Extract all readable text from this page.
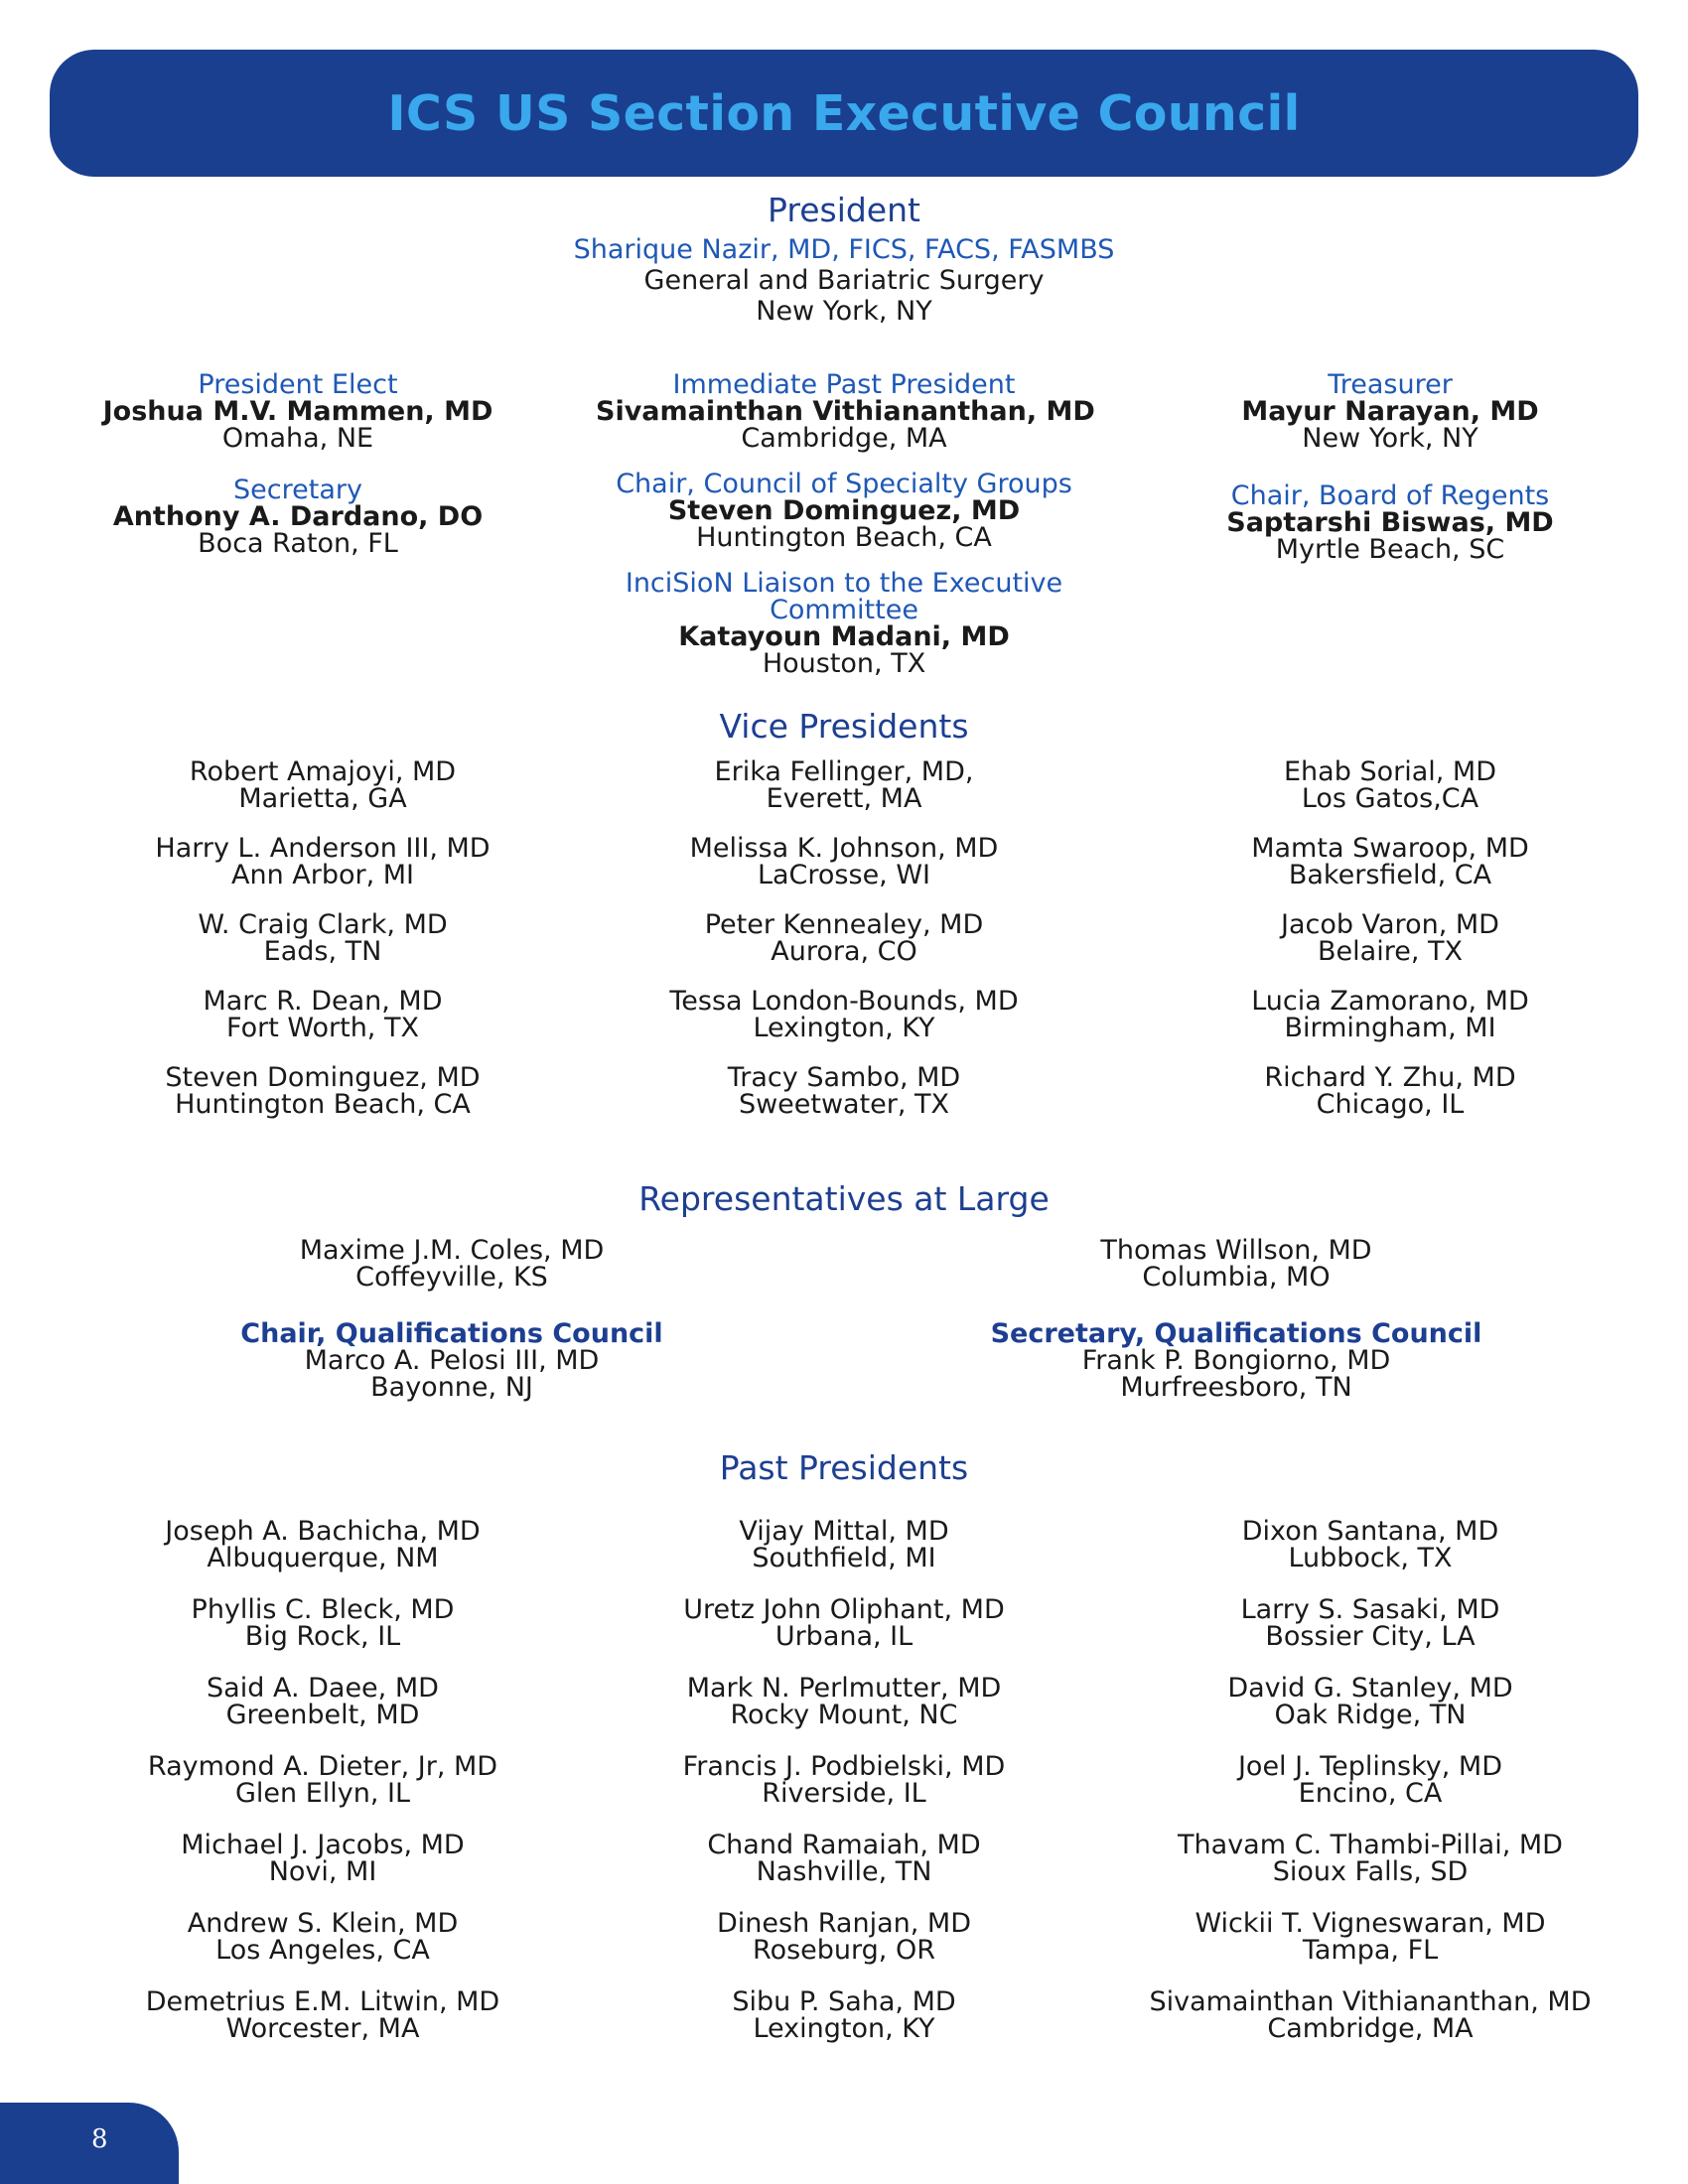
ICS US Section Executive Council
President
Sharique Nazir, MD, FICS, FACS, FASMBS
General and Bariatric Surgery
New York, NY
President Elect
Joshua M.V. Mammen, MD
Omaha, NE
Secretary
Anthony A. Dardano, DO
Boca Raton, FL
Immediate Past President
Sivamainthan Vithiananthan, MD
Cambridge, MA
Chair, Council of Specialty Groups
Steven Dominguez, MD
Huntington Beach, CA
InciSioN Liaison to the Executive
Committee
Katayoun Madani, MD
Houston, TX
Treasurer
Mayur Narayan, MD
New York, NY
Chair, Board of Regents
Saptarshi Biswas, MD
Myrtle Beach, SC
Vice Presidents
Robert Amajoyi, MD
Marietta, GA
Harry L. Anderson III, MD
Ann Arbor, MI
W. Craig Clark, MD
Eads, TN
Marc R. Dean, MD
Fort Worth, TX
Steven Dominguez, MD
Huntington Beach, CA
Erika Fellinger, MD,
Everett, MA
Melissa K. Johnson, MD
LaCrosse, WI
Peter Kennealey, MD
Aurora, CO
Tessa London-Bounds, MD
Lexington, KY
Tracy Sambo, MD
Sweetwater, TX
Ehab Sorial, MD
Los Gatos,CA
Mamta Swaroop, MD
Bakersfield, CA
Jacob Varon, MD
Belaire, TX
Lucia Zamorano, MD
Birmingham, MI
Richard Y. Zhu, MD
Chicago, IL
Representatives at Large
Maxime J.M. Coles, MD
Coffeyville, KS
Thomas Willson, MD
Columbia, MO
Chair, Qualifications Council
Marco A. Pelosi III, MD
Bayonne, NJ
Secretary, Qualifications Council
Frank P. Bongiorno, MD
Murfreesboro, TN
Past Presidents
Joseph A. Bachicha, MD
Albuquerque, NM
Phyllis C. Bleck, MD
Big Rock, IL
Said A. Daee, MD
Greenbelt, MD
Raymond A. Dieter, Jr, MD
Glen Ellyn, IL
Michael J. Jacobs, MD
Novi, MI
Andrew S. Klein, MD
Los Angeles, CA
Demetrius E.M. Litwin, MD
Worcester, MA
Vijay Mittal, MD
Southfield, MI
Uretz John Oliphant, MD
Urbana, IL
Mark N. Perlmutter, MD
Rocky Mount, NC
Francis J. Podbielski, MD
Riverside, IL
Chand Ramaiah, MD
Nashville, TN
Dinesh Ranjan, MD
Roseburg, OR
Sibu P. Saha, MD
Lexington, KY
Dixon Santana, MD
Lubbock, TX
Larry S. Sasaki, MD
Bossier City, LA
David G. Stanley, MD
Oak Ridge, TN
Joel J. Teplinsky, MD
Encino, CA
Thavam C. Thambi-Pillai, MD
Sioux Falls, SD
Wickii T. Vigneswaran, MD
Tampa, FL
Sivamainthan Vithiananthan, MD
Cambridge, MA
8
